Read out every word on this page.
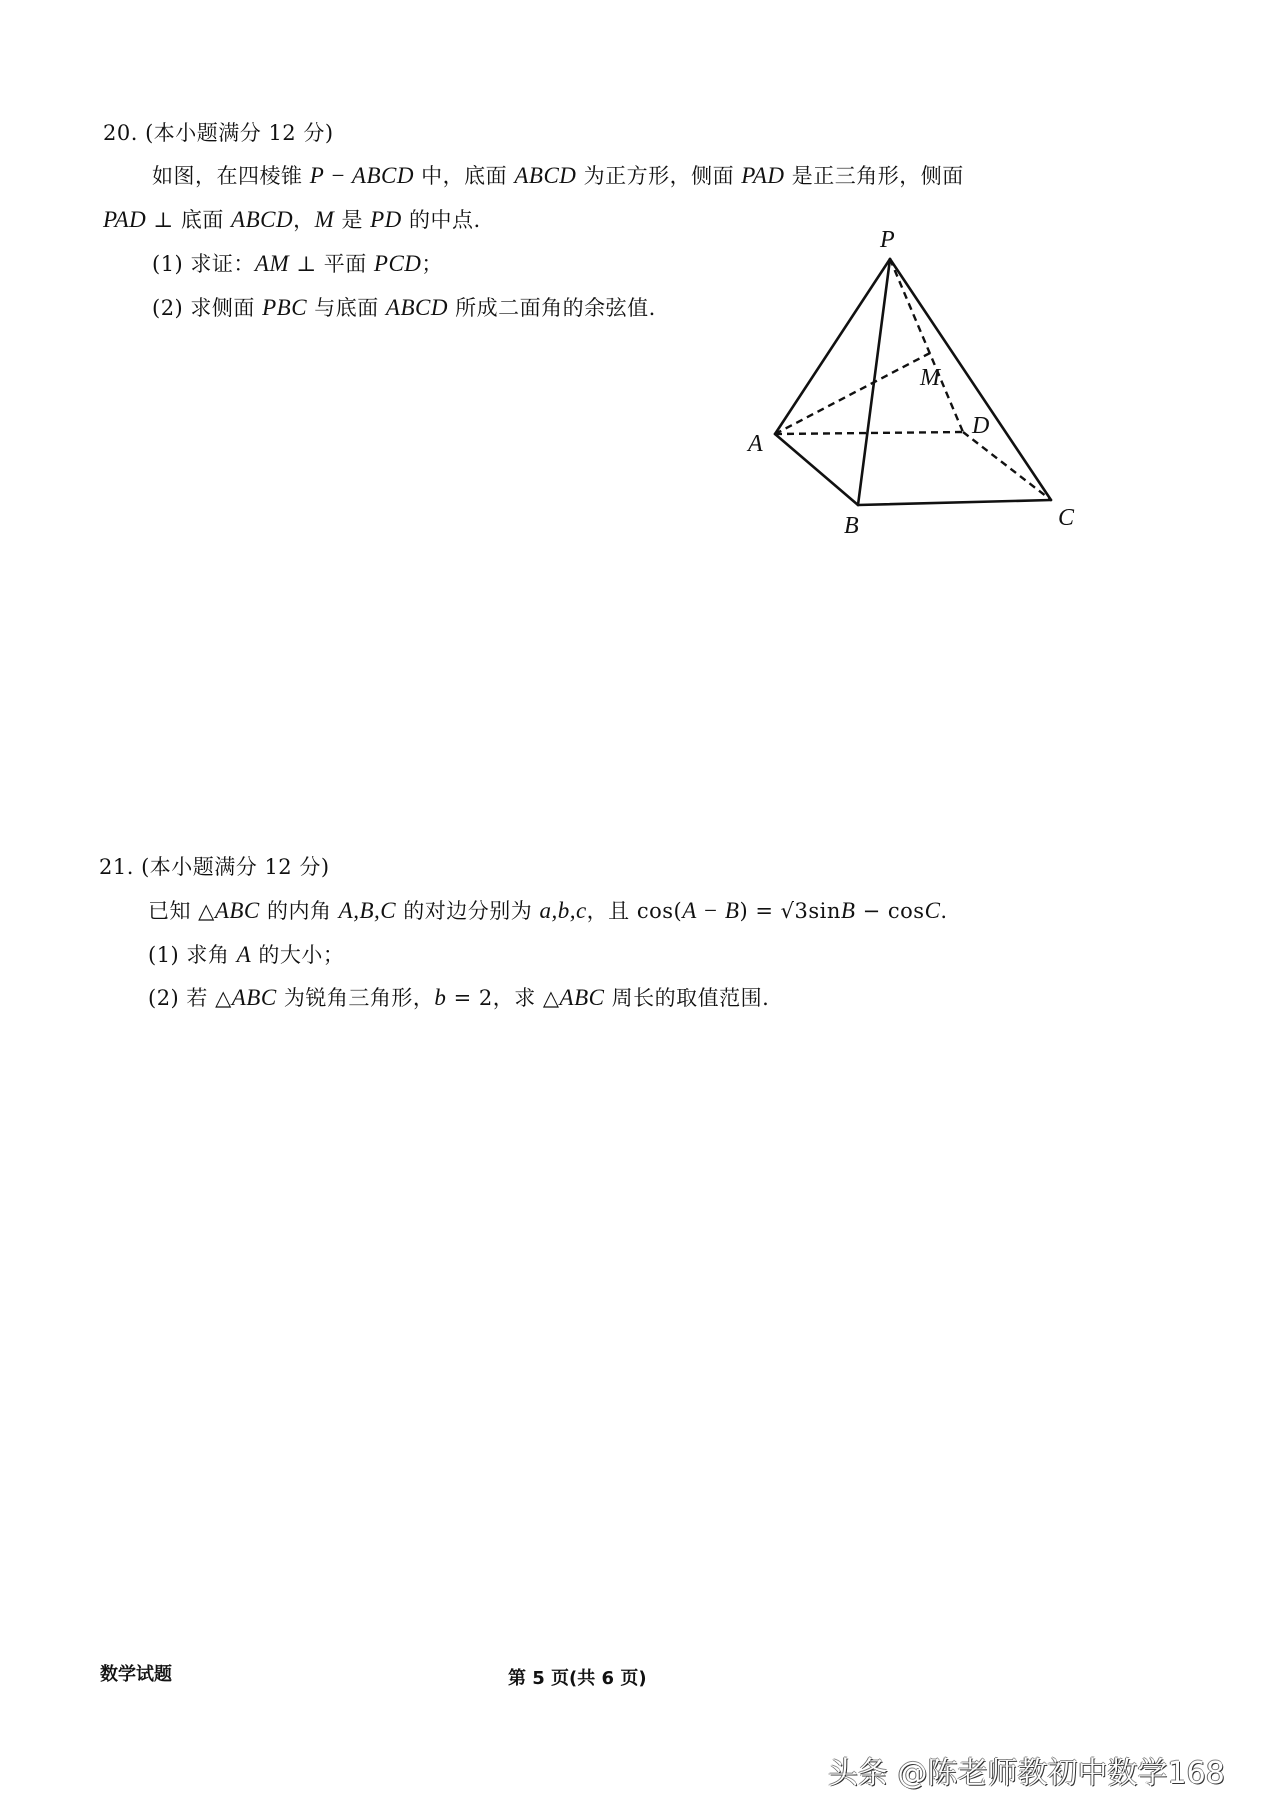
20. (本小题满分 12 分)
如图，在四棱锥 P − ABCD 中，底面 ABCD 为正方形，侧面 PAD 是正三角形，侧面
PAD ⊥ 底面 ABCD，M 是 PD 的中点.
(1) 求证：AM ⊥ 平面 PCD；
(2) 求侧面 PBC 与底面 ABCD 所成二面角的余弦值.
P
A
B	C
D
M
21. (本小题满分 12 分)
已知 △ABC 的内角 A,B,C 的对边分别为 a,b,c，且 cos(A − B) = √3sinB − cosC.
(1) 求角 A 的大小；
(2) 若 △ABC 为锐角三角形，b = 2，求 △ABC 周长的取值范围.
数学试题	第 5 页(共 6 页)
头条 @陈老师教初中数学168
